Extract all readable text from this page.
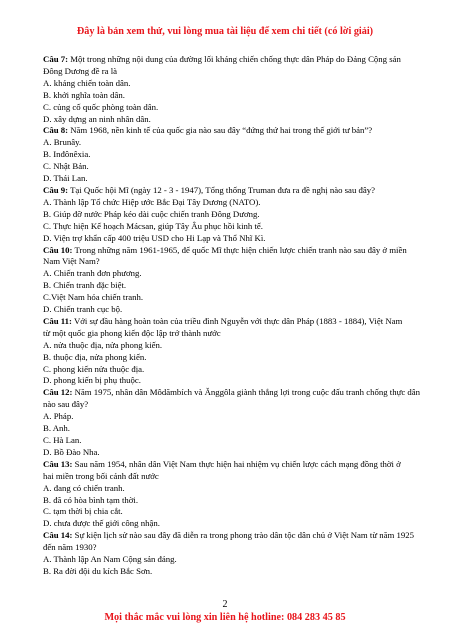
Đây là bản xem thử, vui lòng mua tài liệu để xem chi tiết (có lời giải)
Câu 7: Một trong những nội dung của đường lối kháng chiến chống thực dân Pháp do Đảng Cộng sản
Đông Dương đề ra là
A. kháng chiến toàn dân.
B. khởi nghĩa toàn dân.
C. củng cố quốc phòng toàn dân.
D. xây dựng an ninh nhân dân.
Câu 8: Năm 1968, nền kinh tế của quốc gia nào sau đây “đứng thứ hai trong thế giới tư bản”?
A. Brunây.
B. Inđônêxia.
C. Nhật Bản.
D. Thái Lan.
Câu 9: Tại Quốc hội Mĩ (ngày 12 - 3 - 1947), Tổng thống Truman đưa ra đề nghị nào sau đây?
A. Thành lập Tổ chức Hiệp ước Bắc Đại Tây Dương (NATO).
B. Giúp đỡ nước Pháp kéo dài cuộc chiến tranh Đông Dương.
C. Thực hiện Kế hoạch Mácsan, giúp Tây Âu phục hồi kinh tế.
D. Viện trợ khẩn cấp 400 triệu USD cho Hi Lạp và Thổ Nhĩ Kì.
Câu 10: Trong những năm 1961-1965, đế quốc Mĩ thực hiện chiến lược chiến tranh nào sau đây ở miền
Nam Việt Nam?
A. Chiến tranh đơn phương.
B. Chiến tranh đặc biệt.
C.Việt Nam hóa chiến tranh.
D. Chiến tranh cục bộ.
Câu 11: Với sự đầu hàng hoàn toàn của triều đình Nguyễn với thực dân Pháp (1883 - 1884), Việt Nam
từ một quốc gia phong kiến độc lập trở thành nước
A. nửa thuộc địa, nửa phong kiến.
B. thuộc địa, nửa phong kiến.
C. phong kiến nửa thuộc địa.
D. phong kiến bị phụ thuộc.
Câu 12: Năm 1975, nhân dân Môdămbích và Ănggôla giành thắng lợi trong cuộc đấu tranh chống thực dân
nào sau đây?
A. Pháp.
B. Anh.
C. Hà Lan.
D. Bồ Đào Nha.
Câu 13: Sau năm 1954, nhân dân Việt Nam thực hiện hai nhiệm vụ chiến lược cách mạng đồng thời ở
hai miền trong bối cảnh đất nước
A. đang có chiến tranh.
B. đã có hòa bình tạm thời.
C. tạm thời bị chia cắt.
D. chưa được thế giới công nhận.
Câu 14: Sự kiện lịch sử nào sau đây đã diễn ra trong phong trào dân tộc dân chủ ở Việt Nam từ năm 1925
đến năm 1930?
A. Thành lập An Nam Cộng sản đảng.
B. Ra đời đội du kích Bắc Sơn.
2
Mọi thắc mắc vui lòng xin liên hệ hotline: 084 283 45 85
